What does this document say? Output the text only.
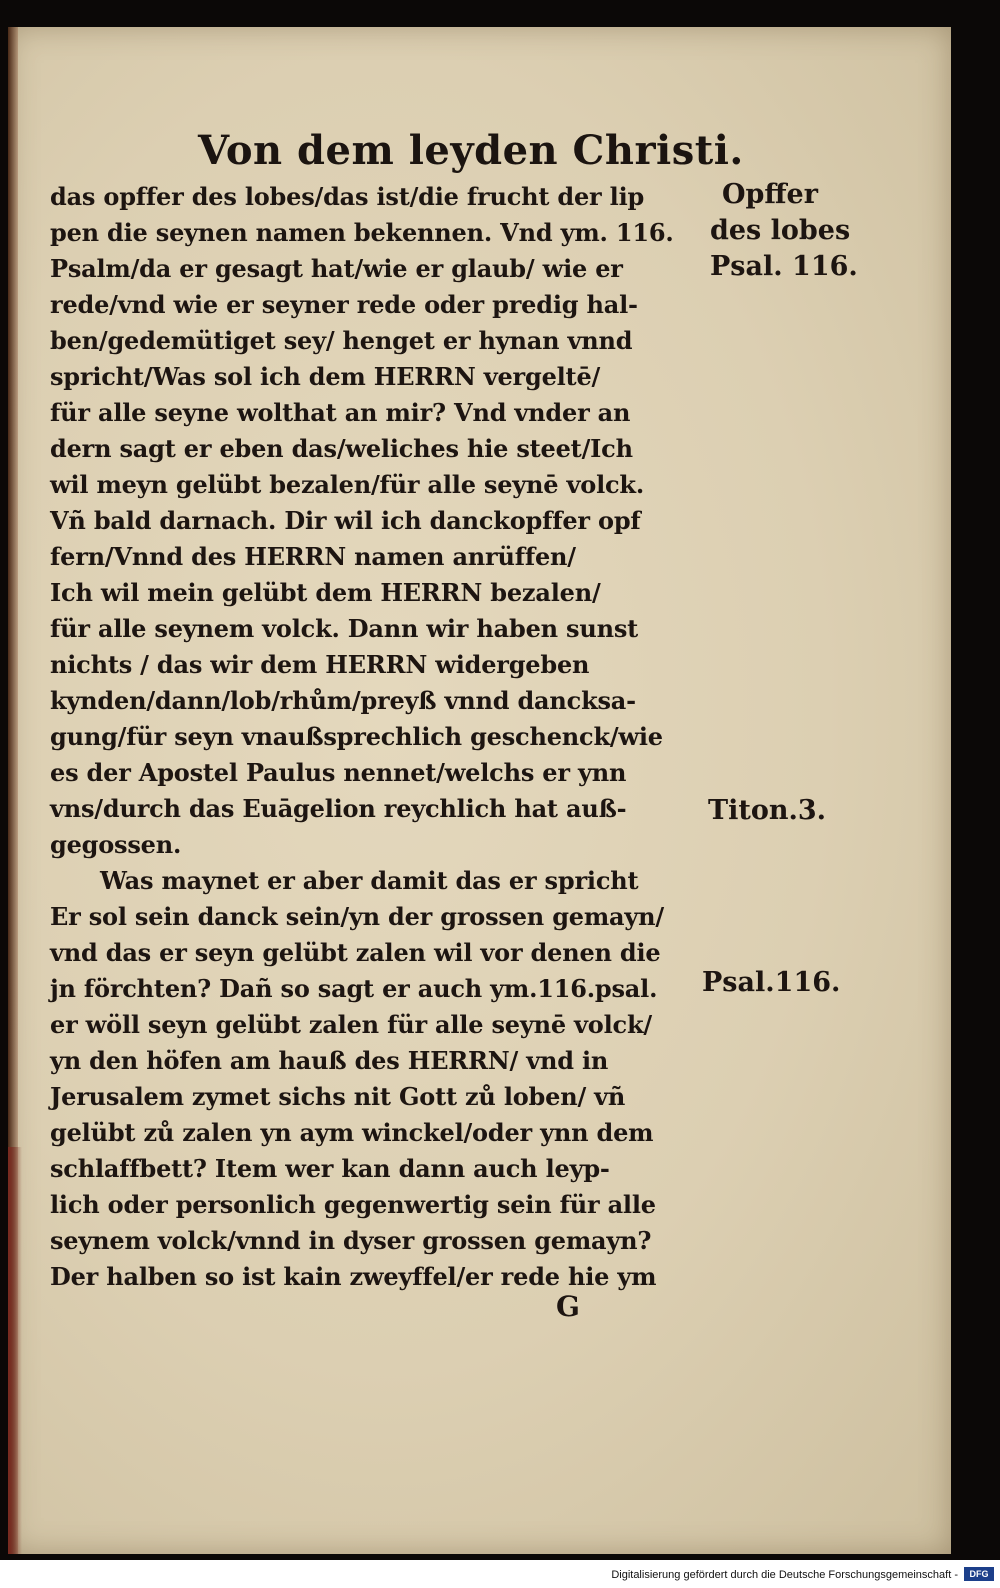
Von dem leyden Christi.
das opffer des lobes/das ist/die frucht der lip
pen die seynen namen bekennen. Vnd ym. 116.
Psalm/da er gesagt hat/wie er glaub/ wie er
rede/vnd wie er seyner rede oder predig hal-
ben/gedemütiget sey/ henget er hynan vnnd
spricht/Was sol ich dem HERRN vergeltē/
für alle seyne wolthat an mir? Vnd vnder an
dern sagt er eben das/weliches hie steet/Ich
wil meyn gelübt bezalen/für alle seynē volck.
Vñ bald darnach. Dir wil ich danckopffer opf
fern/Vnnd des HERRN namen anrüffen/
Ich wil mein gelübt dem HERRN bezalen/
für alle seynem volck. Dann wir haben sunst
nichts / das wir dem HERRN widergeben
kynden/dann/lob/rhům/preyß vnnd dancksa-
gung/für seyn vnaußsprechlich geschenck/wie
es der Apostel Paulus nennet/welchs er ynn
vns/durch das Euāgelion reychlich hat auß-
gegossen.
Was maynet er aber damit das er spricht
Er sol sein danck sein/yn der grossen gemayn/
vnd das er seyn gelübt zalen wil vor denen die
jn förchten? Dañ so sagt er auch ym.116.psal.
er wöll seyn gelübt zalen für alle seynē volck/
yn den höfen am hauß des HERRN/ vnd in
Jerusalem zymet sichs nit Gott zů loben/ vñ
gelübt zů zalen yn aym winckel/oder ynn dem
schlaffbett? Item wer kan dann auch leyp-
lich oder personlich gegenwertig sein für alle
seynem volck/vnnd in dyser grossen gemayn?
Der halben so ist kain zweyffel/er rede hie ym
Opffer
des lobes
Psal. 116.
Titon.3.
Psal.116.
G
Digitalisierung gefördert durch die Deutsche Forschungsgemeinschaft -	DFG
